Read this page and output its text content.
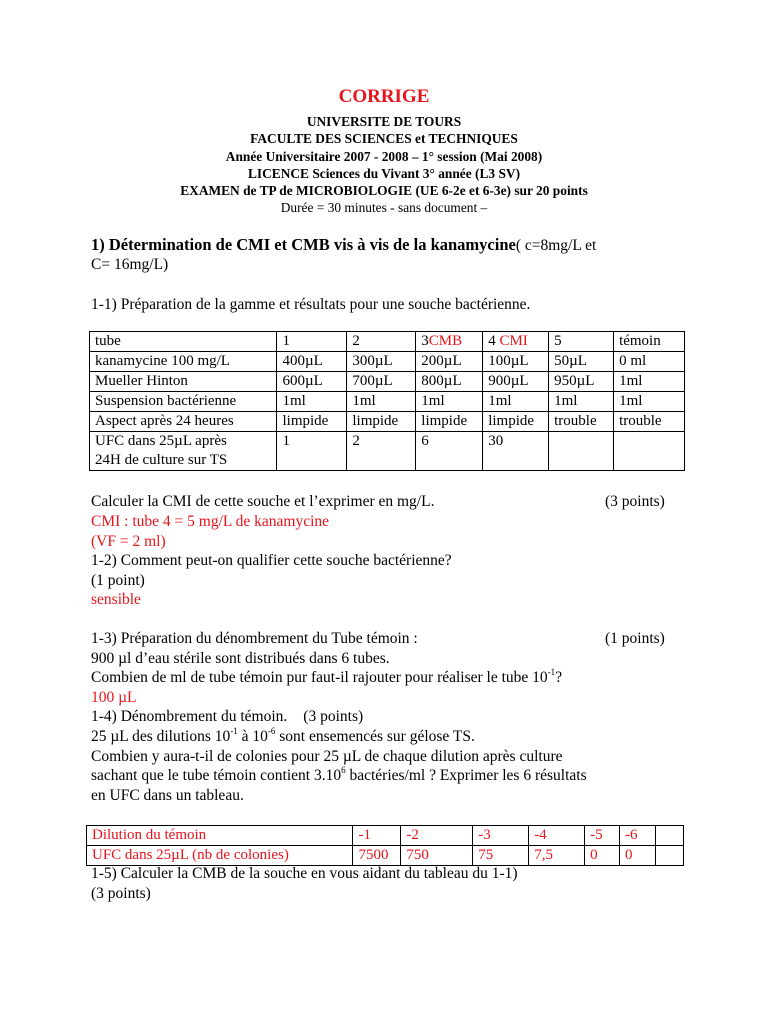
CORRIGE
UNIVERSITE DE TOURS
FACULTE DES SCIENCES et TECHNIQUES
Année Universitaire 2007 - 2008 – 1° session (Mai 2008)
LICENCE Sciences du Vivant 3° année (L3 SV)
EXAMEN de TP de MICROBIOLOGIE (UE 6-2e et 6-3e) sur 20 points
Durée = 30 minutes - sans document –
1) Détermination de CMI et CMB vis à vis de la kanamycine( c=8mg/L et
C= 16mg/L)
1-1) Préparation de la gamme et résultats pour une souche bactérienne.
tube	1	2	3CMB	4 CMI	5	témoin
kanamycine 100 mg/L	400µL	300µL	200µL	100µL	50µL	0 ml
Mueller Hinton	600µL	700µL	800µL	900µL	950µL	1ml
Suspension bactérienne	1ml	1ml	1ml	1ml	1ml	1ml
Aspect après 24 heures	limpide	limpide	limpide	limpide	trouble	trouble

UFC dans 25µL après
24H de culture sur TS	1	2	6	30		
Calculer la CMI de cette souche et l’exprimer en mg/L.	(3 points)
CMI : tube 4 = 5 mg/L de kanamycine
(VF = 2 ml)
1-2) Comment peut-on qualifier cette souche bactérienne?
(1 point)
sensible
1-3) Préparation du dénombrement du Tube témoin :	(1 points)
900 µl d’eau stérile sont distribués dans 6 tubes.
Combien de ml de tube témoin pur faut-il rajouter pour réaliser le tube $10^{-1}$?
100 µL
1-4) Dénombrement du témoin. (3 points)
25 µL des dilutions $10^{-1}$ à $10^{-6}$ sont ensemencés sur gélose TS.
Combien y aura-t-il de colonies pour 25 µL de chaque dilution après culture
sachant que le tube témoin contient 3.10$^6$ bactéries/ml ? Exprimer les 6 résultats
en UFC dans un tableau.
Dilution du témoin	-1	-2	-3	-4	-5	-6	
UFC dans 25µL (nb de colonies)	7500	750	75	7,5	0	0	
1-5) Calculer la CMB de la souche en vous aidant du tableau du 1-1)
(3 points)
